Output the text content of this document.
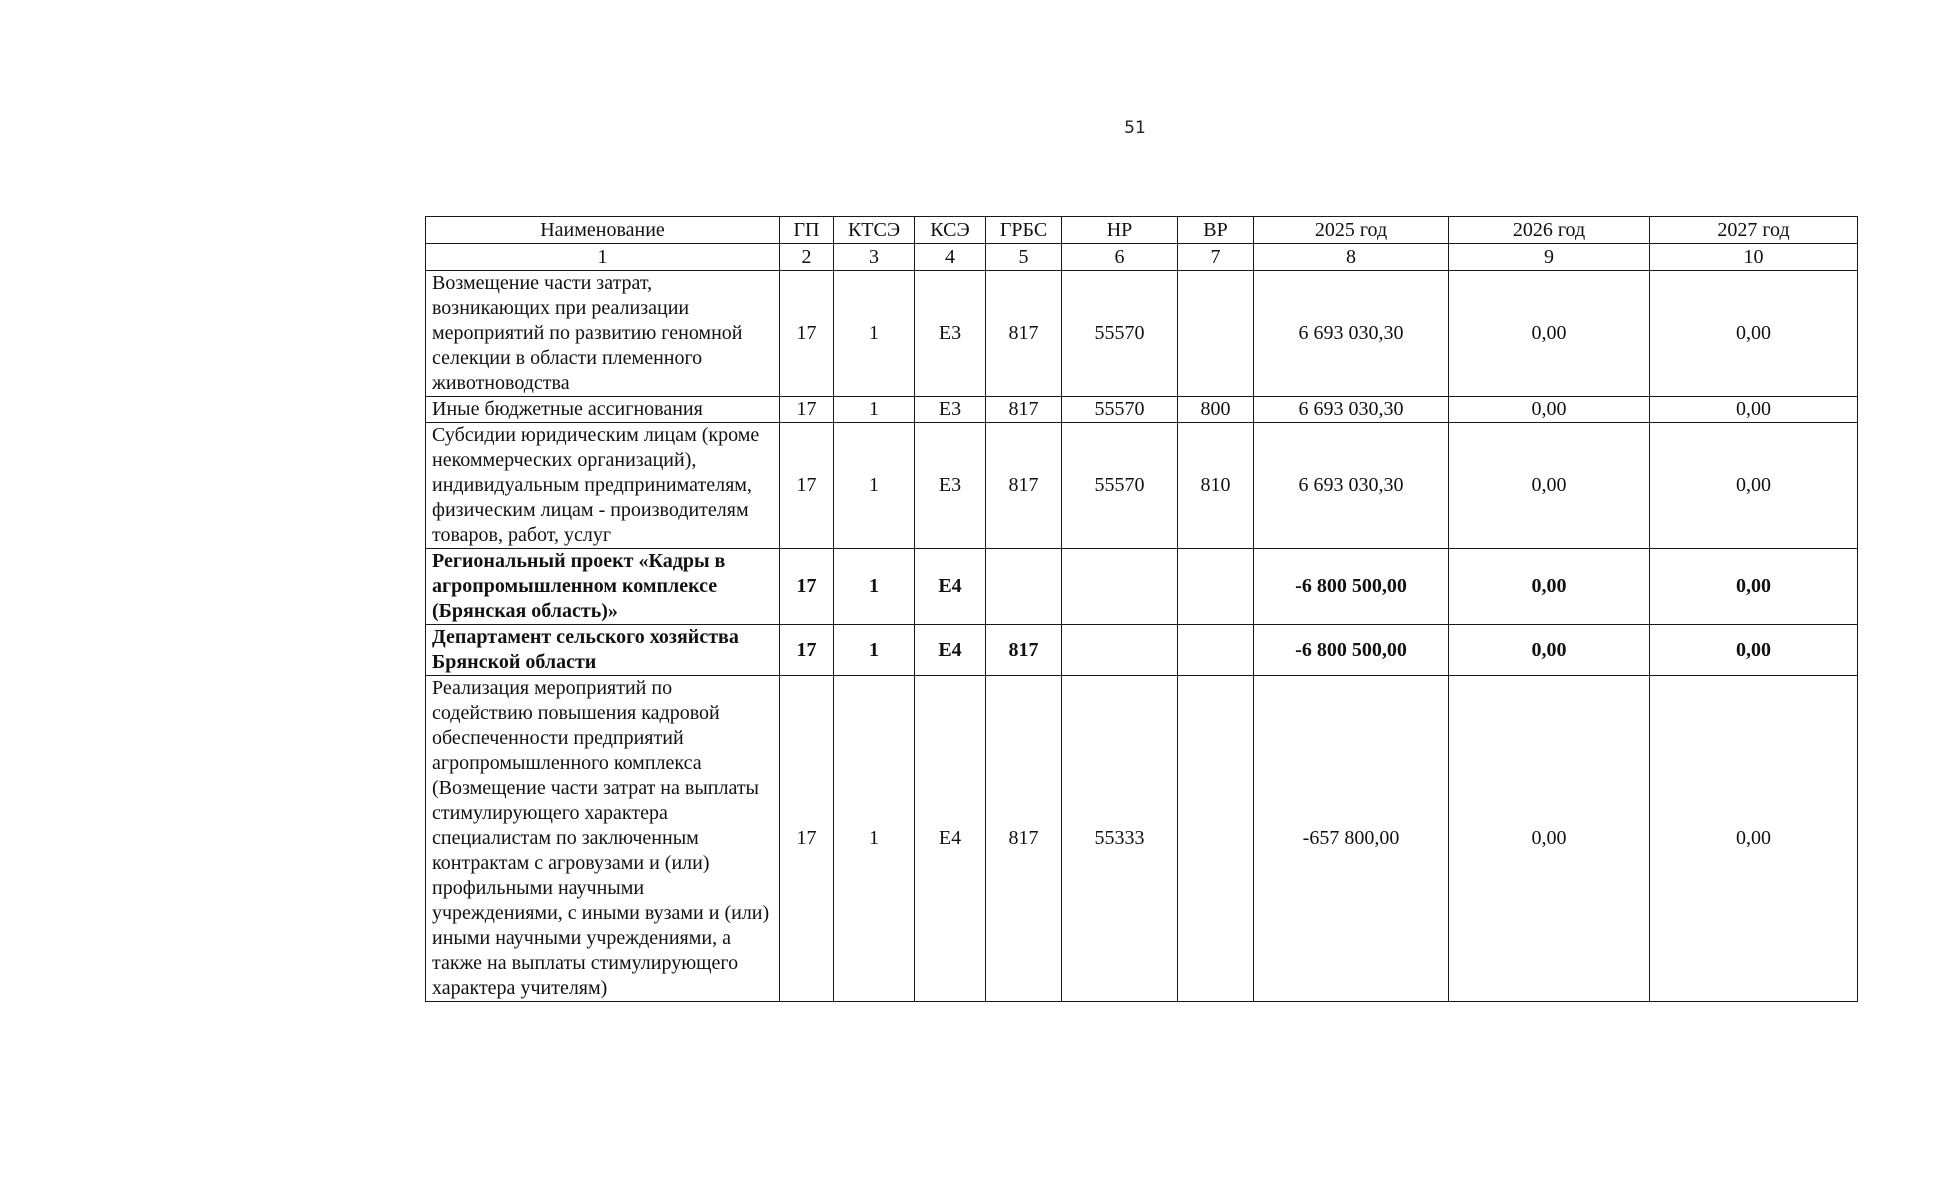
51
Наименование	ГП	КТСЭ	КСЭ	ГРБС	НР	ВР	2025 год	2026 год	2027 год
1	2	3	4	5	6	7	8	9	10
Возмещение части затрат, возникающих при реализации мероприятий по развитию геномной селекции в области племенного животноводства	17	1	Е3	817	55570		6 693 030,30	0,00	0,00
Иные бюджетные ассигнования	17	1	Е3	817	55570	800	6 693 030,30	0,00	0,00
Субсидии юридическим лицам (кроме некоммерческих организаций), индивидуальным предпринимателям, физическим лицам - производителям товаров, работ, услуг	17	1	Е3	817	55570	810	6 693 030,30	0,00	0,00
Региональный проект «Кадры в агропромышленном комплексе (Брянская область)»	17	1	Е4				-6 800 500,00	0,00	0,00
Департамент сельского хозяйства Брянской области	17	1	Е4	817			-6 800 500,00	0,00	0,00
Реализация мероприятий по содействию повышения кадровой обеспеченности предприятий агропромышленного комплекса (Возмещение части затрат на выплаты стимулирующего характера специалистам по заключенным контрактам с агровузами и (или) профильными научными учреждениями, с иными вузами и (или) иными научными учреждениями, а также на выплаты стимулирующего характера учителям)	17	1	Е4	817	55333		-657 800,00	0,00	0,00
